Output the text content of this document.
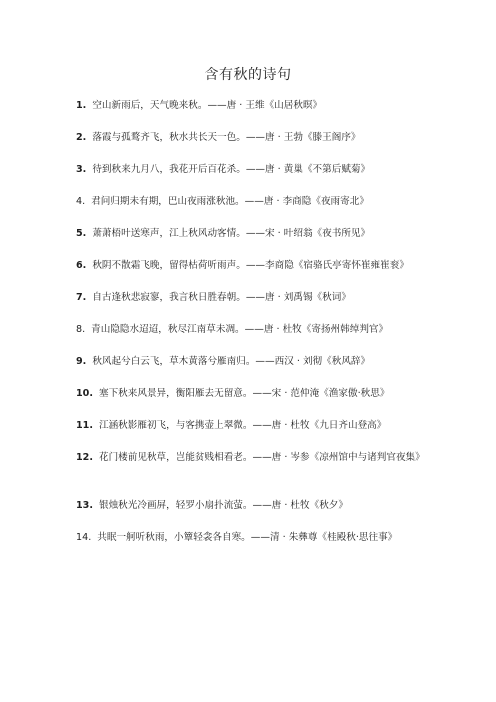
含有秋的诗句
1. 空山新雨后，天气晚来秋。——唐 · 王维《山居秋暝》
2. 落霞与孤鹜齐飞，秋水共长天一色。——唐 · 王勃《滕王阁序》
3. 待到秋来九月八，我花开后百花杀。——唐 · 黄巢《不第后赋菊》
4. 君问归期未有期，巴山夜雨涨秋池。——唐 · 李商隐《夜雨寄北》
5. 萧萧梧叶送寒声，江上秋风动客情。——宋 · 叶绍翁《夜书所见》
6. 秋阴不散霜飞晚，留得枯荷听雨声。——李商隐《宿骆氏亭寄怀崔雍崔衮》
7. 自古逢秋悲寂寥，我言秋日胜春朝。——唐 · 刘禹锡《秋词》
8. 青山隐隐水迢迢，秋尽江南草未凋。——唐 · 杜牧《寄扬州韩绰判官》
9. 秋风起兮白云飞，草木黄落兮雁南归。——西汉 · 刘彻《秋风辞》
10. 塞下秋来风景异，衡阳雁去无留意。——宋 · 范仲淹《渔家傲·秋思》
11. 江涵秋影雁初飞，与客携壶上翠微。——唐 · 杜牧《九日齐山登高》
12. 花门楼前见秋草，岂能贫贱相看老。——唐 · 岑参《凉州馆中与诸判官夜集》
13. 银烛秋光冷画屏，轻罗小扇扑流萤。——唐 · 杜牧《秋夕》
14. 共眠一舸听秋雨，小簟轻衾各自寒。——清 · 朱彝尊《桂殿秋·思往事》
